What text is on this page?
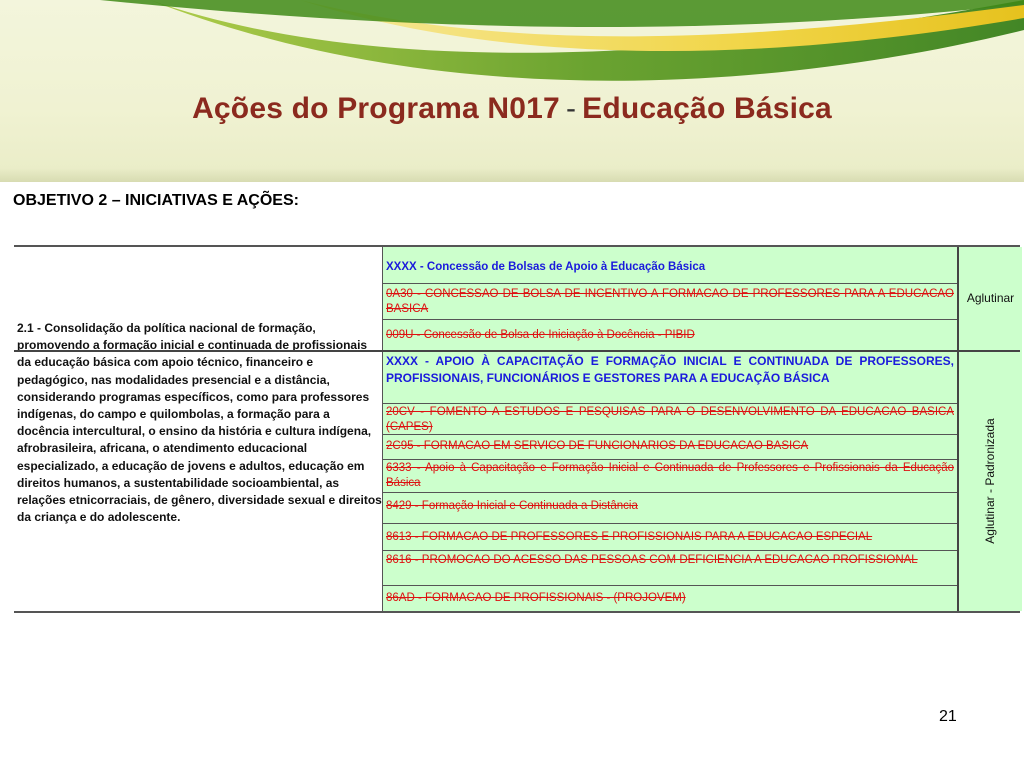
Ações do Programa N017 - Educação Básica
OBJETIVO 2 – INICIATIVAS E AÇÕES:
2.1 - Consolidação da política nacional de formação, promovendo a formação inicial e continuada de profissionais da educação básica com apoio técnico, financeiro e pedagógico, nas modalidades presencial e a distância, considerando programas específicos, como para professores indígenas, do campo e quilombolas, a formação para a docência intercultural, o ensino da história e cultura indígena, afrobrasileira, africana, o atendimento educacional especializado, a educação de jovens e adultos, educação em direitos humanos, a sustentabilidade socioambiental, as relações etnicorraciais, de gênero, diversidade sexual e direitos da criança e do adolescente.
XXXX - Concessão de Bolsas de Apoio à Educação Básica
0A30 - CONCESSAO DE BOLSA DE INCENTIVO A FORMACAO DE PROFESSORES PARA A EDUCACAO BASICA
009U - Concessão de Bolsa de Iniciação à Docência - PIBID
XXXX - APOIO À CAPACITAÇÃO E FORMAÇÃO INICIAL E CONTINUADA DE PROFESSORES, PROFISSIONAIS, FUNCIONÁRIOS E GESTORES PARA A EDUCAÇÃO BÁSICA
20CV - FOMENTO A ESTUDOS E PESQUISAS PARA O DESENVOLVIMENTO DA EDUCACAO BASICA (CAPES)
2C95 - FORMACAO EM SERVICO DE FUNCIONARIOS DA EDUCACAO BASICA
6333 - Apoio à Capacitação e Formação Inicial e Continuada de Professores e Profissionais da Educação Básica
8429 - Formação Inicial e Continuada a Distância
8613 - FORMACAO DE PROFESSORES E PROFISSIONAIS PARA A EDUCACAO ESPECIAL
8616 - PROMOCAO DO ACESSO DAS PESSOAS COM DEFICIENCIA A EDUCACAO PROFISSIONAL
86AD - FORMACAO DE PROFISSIONAIS - (PROJOVEM)
Aglutinar
Aglutinar - Padronizada
21
